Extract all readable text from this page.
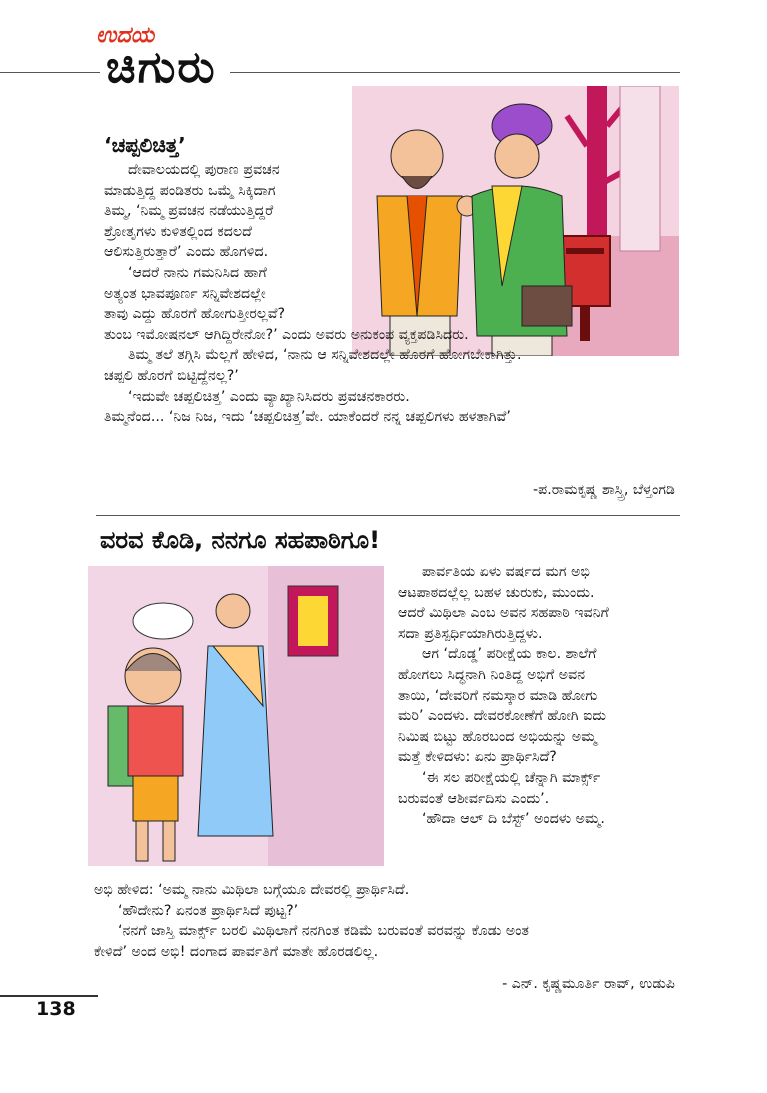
ಉದಯ
ಚಿಗುರು
‘ಚಪ್ಪಲಿಚಿತ್ತ’

ದೇವಾಲಯದಲ್ಲಿ ಪುರಾಣ ಪ್ರವಚನ

ಮಾಡುತ್ತಿದ್ದ ಪಂಡಿತರು ಒಮ್ಮೆ ಸಿಕ್ಕಿದಾಗ

ತಿಮ್ಮ, ‘ನಿಮ್ಮ ಪ್ರವಚನ ನಡೆಯುತ್ತಿದ್ದರೆ

ಶ್ರೋತೃಗಳು ಕುಳಿತಲ್ಲಿಂದ ಕದಲದೆ

ಆಲಿಸುತ್ತಿರುತ್ತಾರೆ’ ಎಂದು ಹೊಗಳಿದ.

‘ಆದರೆ ನಾನು ಗಮನಿಸಿದ ಹಾಗೆ

ಅತ್ಯಂತ ಭಾವಪೂರ್ಣ ಸನ್ನಿವೇಶದಲ್ಲೇ

ತಾವು ಎದ್ದು ಹೊರಗೆ ಹೋಗುತ್ತೀರಲ್ಲವೆ?

ತುಂಬ ಇಮೋಷನಲ್ ಆಗಿದ್ದಿರೇನೋ?’ ಎಂದು ಅವರು ಅನುಕಂಪ ವ್ಯಕ್ತಪಡಿಸಿದರು.

ತಿಮ್ಮ ತಲೆ ತಗ್ಗಿಸಿ ಮೆಲ್ಲಗೆ ಹೇಳಿದ, ‘ನಾನು ಆ ಸನ್ನಿವೇಶದಲ್ಲೇ ಹೊರಗೆ ಹೋಗಬೇಕಾಗಿತ್ತು.

ಚಪ್ಪಲಿ ಹೊರಗೆ ಬಿಟ್ಟಿದ್ದೆನಲ್ಲ?’

‘ಇದುವೇ ಚಪ್ಪಲಿಚಿತ್ತ’ ಎಂದು ವ್ಯಾಖ್ಯಾನಿಸಿದರು ಪ್ರವಚನಕಾರರು.

ತಿಮ್ಮನೆಂದ... ‘ನಿಜ ನಿಜ, ಇದು ‘ಚಪ್ಪಲಿಚಿತ್ತ’ವೇ. ಯಾಕೆಂದರೆ ನನ್ನ ಚಪ್ಪಲಿಗಳು ಹಳತಾಗಿವೆ’

-ಪ.ರಾಮಕೃಷ್ಣ ಶಾಸ್ತ್ರಿ, ಬೆಳ್ತಂಗಡಿ
ವರವ ಕೊಡಿ, ನನಗೂ ಸಹಪಾಠಿಗೂ!

ಪಾರ್ವತಿಯ ಏಳು ವರ್ಷದ ಮಗ ಅಭಿ

ಆಟಪಾಠದಲ್ಲೆಲ್ಲ ಬಹಳ ಚುರುಕು, ಮುಂದು.

ಆದರೆ ಮಿಥಿಲಾ ಎಂಬ ಅವನ ಸಹಪಾಠಿ ಇವನಿಗೆ

ಸದಾ ಪ್ರತಿಸ್ಪರ್ಧಿಯಾಗಿರುತ್ತಿದ್ದಳು.

ಆಗ ‘ದೊಡ್ಡ’ ಪರೀಕ್ಷೆಯ ಕಾಲ. ಶಾಲೆಗೆ

ಹೋಗಲು ಸಿದ್ಧನಾಗಿ ನಿಂತಿದ್ದ ಅಭಿಗೆ ಅವನ

ತಾಯಿ, ‘ದೇವರಿಗೆ ನಮಸ್ಕಾರ ಮಾಡಿ ಹೋಗು

ಮರಿ’ ಎಂದಳು. ದೇವರಕೋಣೆಗೆ ಹೋಗಿ ಐದು

ನಿಮಿಷ ಬಿಟ್ಟು ಹೊರಬಂದ ಅಭಿಯನ್ನು ಅಮ್ಮ

ಮತ್ತೆ ಕೇಳಿದಳು: ಏನು ಪ್ರಾರ್ಥಿಸಿದೆ?

‘ಈ ಸಲ ಪರೀಕ್ಷೆಯಲ್ಲಿ ಚೆನ್ನಾಗಿ ಮಾರ್ಕ್ಸ್

ಬರುವಂತೆ ಆಶೀರ್ವದಿಸು ಎಂದು’.

‘ಹೌದಾ ಆಲ್ ದಿ ಬೆಸ್ಟ್’ ಅಂದಳು ಅಮ್ಮ.

ಅಭಿ ಹೇಳಿದ: ‘ಅಮ್ಮ ನಾನು ಮಿಥಿಲಾ ಬಗ್ಗೆಯೂ ದೇವರಲ್ಲಿ ಪ್ರಾರ್ಥಿಸಿದೆ.

‘ಹೌದೇನು? ಏನಂತ ಪ್ರಾರ್ಥಿಸಿದೆ ಪುಟ್ಟ?’

‘ನನಗೆ ಜಾಸ್ತಿ ಮಾರ್ಕ್ಸ್ ಬರಲಿ ಮಿಥಿಲಾಗೆ ನನಗಿಂತ ಕಡಿಮೆ ಬರುವಂತೆ ವರವನ್ನು ಕೊಡು ಅಂತ

ಕೇಳಿದೆ’ ಅಂದ ಅಭಿ! ದಂಗಾದ ಪಾರ್ವತಿಗೆ ಮಾತೇ ಹೊರಡಲಿಲ್ಲ.

- ಎನ್. ಕೃಷ್ಣಮೂರ್ತಿ ರಾವ್, ಉಡುಪಿ
138
